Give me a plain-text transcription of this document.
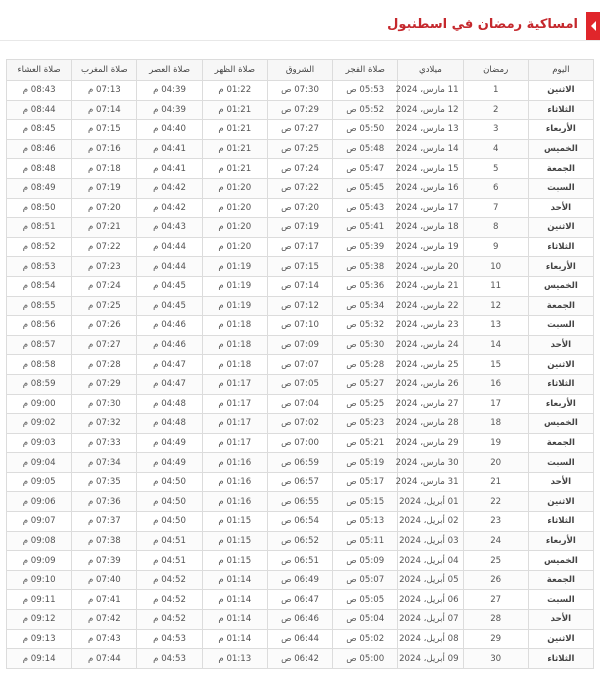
امساكية رمضان في اسطنبول
اليوم	رمضان	ميلادي	صلاة الفجر	الشروق	صلاة الظهر	صلاة العصر	صلاة المغرب	صلاة العشاء
الاثنين	1	11 مارس، 2024	05:53 ص	07:30 ص	01:22 م	04:39 م	07:13 م	08:43 م
الثلاثاء	2	12 مارس، 2024	05:52 ص	07:29 ص	01:21 م	04:39 م	07:14 م	08:44 م
الأربعاء	3	13 مارس، 2024	05:50 ص	07:27 ص	01:21 م	04:40 م	07:15 م	08:45 م
الخميس	4	14 مارس، 2024	05:48 ص	07:25 ص	01:21 م	04:41 م	07:16 م	08:46 م
الجمعة	5	15 مارس، 2024	05:47 ص	07:24 ص	01:21 م	04:41 م	07:18 م	08:48 م
السبت	6	16 مارس، 2024	05:45 ص	07:22 ص	01:20 م	04:42 م	07:19 م	08:49 م
الأحد	7	17 مارس، 2024	05:43 ص	07:20 ص	01:20 م	04:42 م	07:20 م	08:50 م
الاثنين	8	18 مارس، 2024	05:41 ص	07:19 ص	01:20 م	04:43 م	07:21 م	08:51 م
الثلاثاء	9	19 مارس، 2024	05:39 ص	07:17 ص	01:20 م	04:44 م	07:22 م	08:52 م
الأربعاء	10	20 مارس، 2024	05:38 ص	07:15 ص	01:19 م	04:44 م	07:23 م	08:53 م
الخميس	11	21 مارس، 2024	05:36 ص	07:14 ص	01:19 م	04:45 م	07:24 م	08:54 م
الجمعة	12	22 مارس، 2024	05:34 ص	07:12 ص	01:19 م	04:45 م	07:25 م	08:55 م
السبت	13	23 مارس، 2024	05:32 ص	07:10 ص	01:18 م	04:46 م	07:26 م	08:56 م
الأحد	14	24 مارس، 2024	05:30 ص	07:09 ص	01:18 م	04:46 م	07:27 م	08:57 م
الاثنين	15	25 مارس، 2024	05:28 ص	07:07 ص	01:18 م	04:47 م	07:28 م	08:58 م
الثلاثاء	16	26 مارس، 2024	05:27 ص	07:05 ص	01:17 م	04:47 م	07:29 م	08:59 م
الأربعاء	17	27 مارس، 2024	05:25 ص	07:04 ص	01:17 م	04:48 م	07:30 م	09:00 م
الخميس	18	28 مارس، 2024	05:23 ص	07:02 ص	01:17 م	04:48 م	07:32 م	09:02 م
الجمعة	19	29 مارس، 2024	05:21 ص	07:00 ص	01:17 م	04:49 م	07:33 م	09:03 م
السبت	20	30 مارس، 2024	05:19 ص	06:59 ص	01:16 م	04:49 م	07:34 م	09:04 م
الأحد	21	31 مارس، 2024	05:17 ص	06:57 ص	01:16 م	04:50 م	07:35 م	09:05 م
الاثنين	22	01 أبريل، 2024	05:15 ص	06:55 ص	01:16 م	04:50 م	07:36 م	09:06 م
الثلاثاء	23	02 أبريل، 2024	05:13 ص	06:54 ص	01:15 م	04:50 م	07:37 م	09:07 م
الأربعاء	24	03 أبريل، 2024	05:11 ص	06:52 ص	01:15 م	04:51 م	07:38 م	09:08 م
الخميس	25	04 أبريل، 2024	05:09 ص	06:51 ص	01:15 م	04:51 م	07:39 م	09:09 م
الجمعة	26	05 أبريل، 2024	05:07 ص	06:49 ص	01:14 م	04:52 م	07:40 م	09:10 م
السبت	27	06 أبريل، 2024	05:05 ص	06:47 ص	01:14 م	04:52 م	07:41 م	09:11 م
الأحد	28	07 أبريل، 2024	05:04 ص	06:46 ص	01:14 م	04:52 م	07:42 م	09:12 م
الاثنين	29	08 أبريل، 2024	05:02 ص	06:44 ص	01:14 م	04:53 م	07:43 م	09:13 م
الثلاثاء	30	09 أبريل، 2024	05:00 ص	06:42 ص	01:13 م	04:53 م	07:44 م	09:14 م
